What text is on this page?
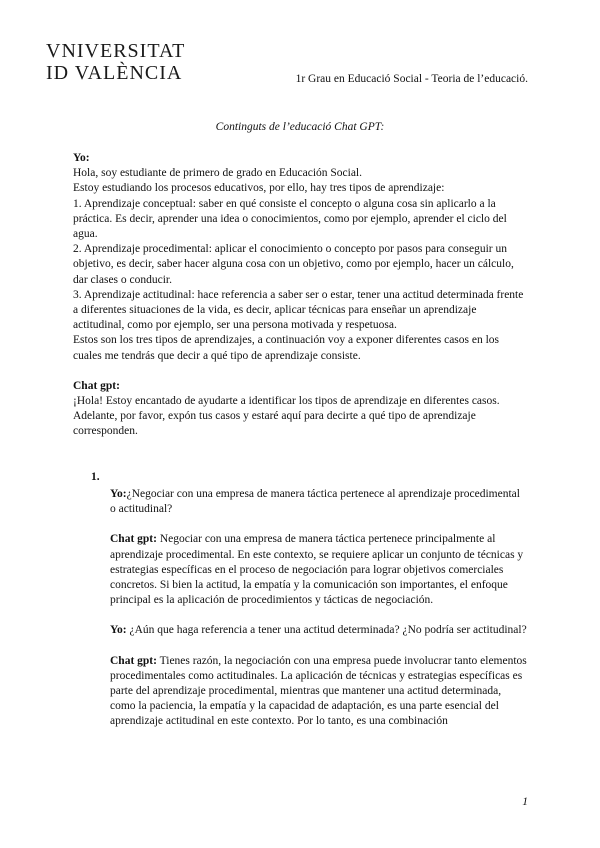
VNIVERSITAT
ID VALÈNCIA	1r Grau en Educació Social - Teoria de l’educació.
Continguts de l’educació Chat GPT:

Yo:

Hola, soy estudiante de primero de grado en Educación Social.

Estoy estudiando los procesos educativos, por ello, hay tres tipos de aprendizaje:

1. Aprendizaje conceptual: saber en qué consiste el concepto o alguna cosa sin aplicarlo a la práctica. Es decir, aprender una idea o conocimientos, como por ejemplo, aprender el ciclo del agua.

2. Aprendizaje procedimental: aplicar el conocimiento o concepto por pasos para conseguir un objetivo, es decir, saber hacer alguna cosa con un objetivo, como por ejemplo, hacer un cálculo, dar clases o conducir.

3. Aprendizaje actitudinal: hace referencia a saber ser o estar, tener una actitud determinada frente a diferentes situaciones de la vida, es decir, aplicar técnicas para enseñar un aprendizaje actitudinal, como por ejemplo, ser una persona motivada y respetuosa.

Estos son los tres tipos de aprendizajes, a continuación voy a exponer diferentes casos en los cuales me tendrás que decir a qué tipo de aprendizaje consiste.

Chat gpt:

¡Hola! Estoy encantado de ayudarte a identificar los tipos de aprendizaje en diferentes casos. Adelante, por favor, expón tus casos y estaré aquí para decirte a qué tipo de aprendizaje corresponden.

1.

Yo:¿Negociar con una empresa de manera táctica pertenece al aprendizaje procedimental o actitudinal?

Chat gpt: Negociar con una empresa de manera táctica pertenece principalmente al aprendizaje procedimental. En este contexto, se requiere aplicar un conjunto de técnicas y estrategias específicas en el proceso de negociación para lograr objetivos comerciales concretos. Si bien la actitud, la empatía y la comunicación son importantes, el enfoque principal es la aplicación de procedimientos y tácticas de negociación.

Yo: ¿Aún que haga referencia a tener una actitud determinada? ¿No podría ser actitudinal?

Chat gpt: Tienes razón, la negociación con una empresa puede involucrar tanto elementos procedimentales como actitudinales. La aplicación de técnicas y estrategias específicas es parte del aprendizaje procedimental, mientras que mantener una actitud determinada, como la paciencia, la empatía y la capacidad de adaptación, es una parte esencial del aprendizaje actitudinal en este contexto. Por lo tanto, es una combinación

1
